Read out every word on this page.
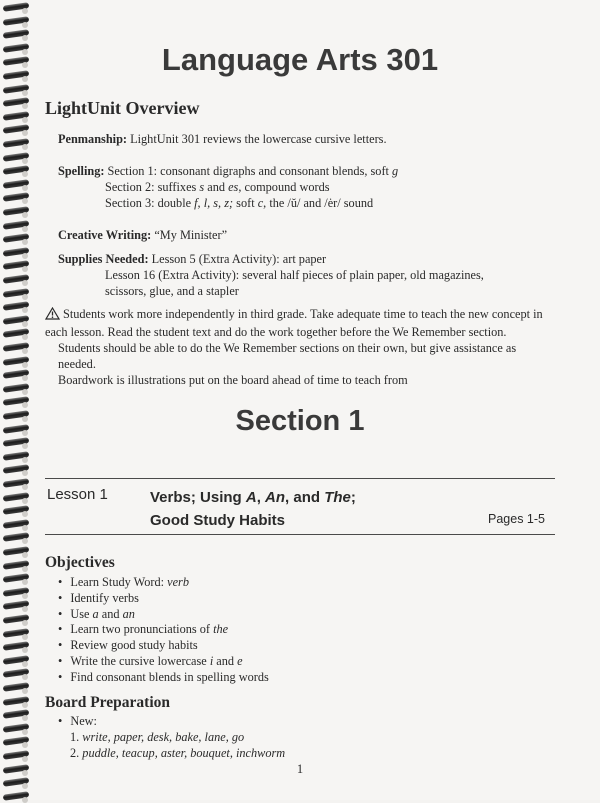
Language Arts 301
LightUnit Overview

Penmanship: LightUnit 301 reviews the lowercase cursive letters.

Spelling: Section 1: consonant digraphs and consonant blends, soft g

Section 2: suffixes s and es, compound words
Section 3: double f, l, s, z; soft c, the /ŭ/ and /ėr/ sound

Creative Writing: “My Minister”

Supplies Needed: Lesson 5 (Extra Activity): art paper

Lesson 16 (Extra Activity): several half pieces of plain paper, old magazines,
scissors, glue, and a stapler

Students work more independently in third grade. Take adequate time to teach the new concept in

each lesson. Read the student text and do the work together before the We Remember section.

Students should be able to do the We Remember sections on their own, but give assistance as needed.

Boardwork is illustrations put on the board ahead of time to teach from

Section 1
Lesson 1	Verbs; Using A, An, and The;
Good Study Habits	Pages 1-5
Objectives
• Learn Study Word: verb
• Identify verbs
• Use a and an
• Learn two pronunciations of the
• Review good study habits
• Write the cursive lowercase i and e
• Find consonant blends in spelling words
Board Preparation
• New:
1. write, paper, desk, bake, lane, go
2. puddle, teacup, aster, bouquet, inchworm
1
